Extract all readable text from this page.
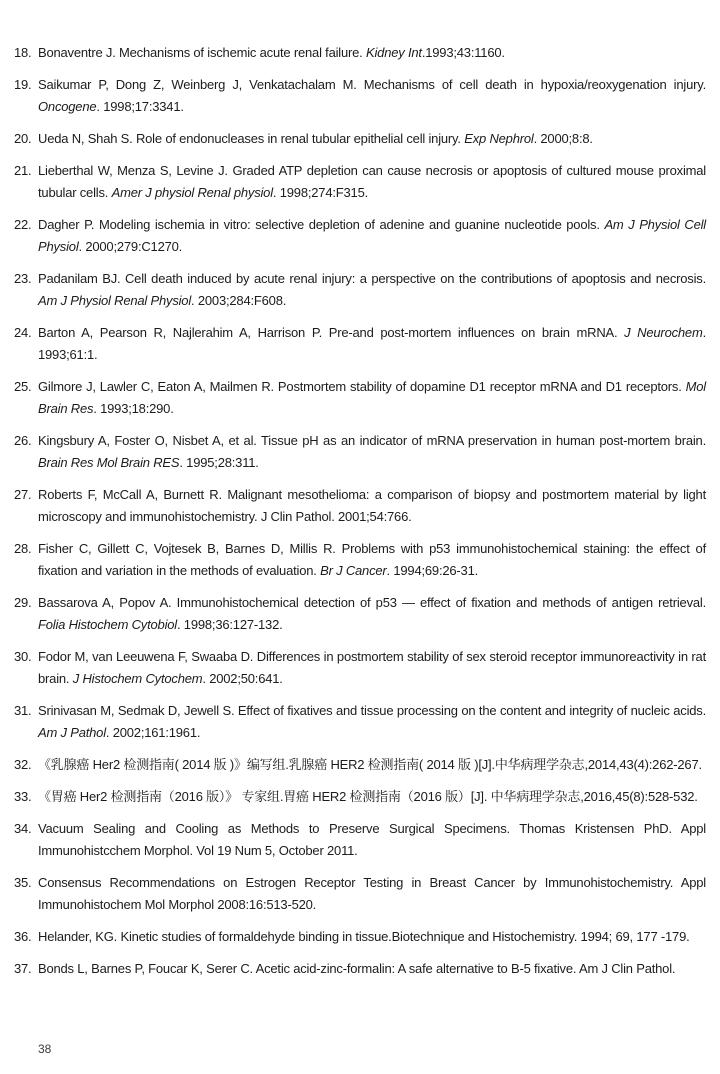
18. Bonaventre J. Mechanisms of ischemic acute renal failure. Kidney Int.1993;43:1160.
19. Saikumar P, Dong Z, Weinberg J, Venkatachalam M. Mechanisms of cell death in hypoxia/reoxygenation injury. Oncogene. 1998;17:3341.
20. Ueda N, Shah S. Role of endonucleases in renal tubular epithelial cell injury. Exp Nephrol. 2000;8:8.
21. Lieberthal W, Menza S, Levine J. Graded ATP depletion can cause necrosis or apoptosis of cultured mouse proximal tubular cells. Amer J physiol Renal physiol. 1998;274:F315.
22. Dagher P. Modeling ischemia in vitro: selective depletion of adenine and guanine nucleotide pools. Am J Physiol Cell Physiol. 2000;279:C1270.
23. Padanilam BJ. Cell death induced by acute renal injury: a perspective on the contributions of apoptosis and necrosis. Am J Physiol Renal Physiol. 2003;284:F608.
24. Barton A, Pearson R, Najlerahim A, Harrison P. Pre-and post-mortem influences on brain mRNA. J Neurochem. 1993;61:1.
25. Gilmore J, Lawler C, Eaton A, Mailmen R. Postmortem stability of dopamine D1 receptor mRNA and D1 receptors. Mol Brain Res. 1993;18:290.
26. Kingsbury A, Foster O, Nisbet A, et al. Tissue pH as an indicator of mRNA preservation in human post-mortem brain. Brain Res Mol Brain RES. 1995;28:311.
27. Roberts F, McCall A, Burnett R. Malignant mesothelioma: a comparison of biopsy and postmortem material by light microscopy and immunohistochemistry. J Clin Pathol. 2001;54:766.
28. Fisher C, Gillett C, Vojtesek B, Barnes D, Millis R. Problems with p53 immunohistochemical staining: the effect of fixation and variation in the methods of evaluation. Br J Cancer. 1994;69:26-31.
29. Bassarova A, Popov A. Immunohistochemical detection of p53 — effect of fixation and methods of antigen retrieval. Folia Histochem Cytobiol. 1998;36:127-132.
30. Fodor M, van Leeuwena F, Swaaba D. Differences in postmortem stability of sex steroid receptor immunoreactivity in rat brain. J Histochem Cytochem. 2002;50:641.
31. Srinivasan M, Sedmak D, Jewell S. Effect of fixatives and tissue processing on the content and integrity of nucleic acids. Am J Pathol. 2002;161:1961.
32. 《乳腺癌 Her2 检测指南( 2014 版 )》编写组.乳腺癌 HER2 检测指南( 2014 版 )[J].中华病理学杂志,2014,43(4):262-267.
33. 《胃癌 Her2 检测指南（2016 版）》 专家组.胃癌 HER2 检测指南（2016 版）[J]. 中华病理学杂志,2016,45(8):528-532.
34. Vacuum Sealing and Cooling as Methods to Preserve Surgical Specimens. Thomas Kristensen PhD. Appl Immunohistcchem Morphol. Vol 19 Num 5, October 2011.
35. Consensus Recommendations on Estrogen Receptor Testing in Breast Cancer by Immunohistochemistry. Appl Immunohistochem Mol Morphol 2008:16:513-520.
36. Helander, KG. Kinetic studies of formaldehyde binding in tissue.Biotechnique and Histochemistry. 1994; 69, 177 -179.
37. Bonds L, Barnes P, Foucar K, Serer C. Acetic acid-zinc-formalin: A safe alternative to B-5 fixative. Am J Clin Pathol.
38
